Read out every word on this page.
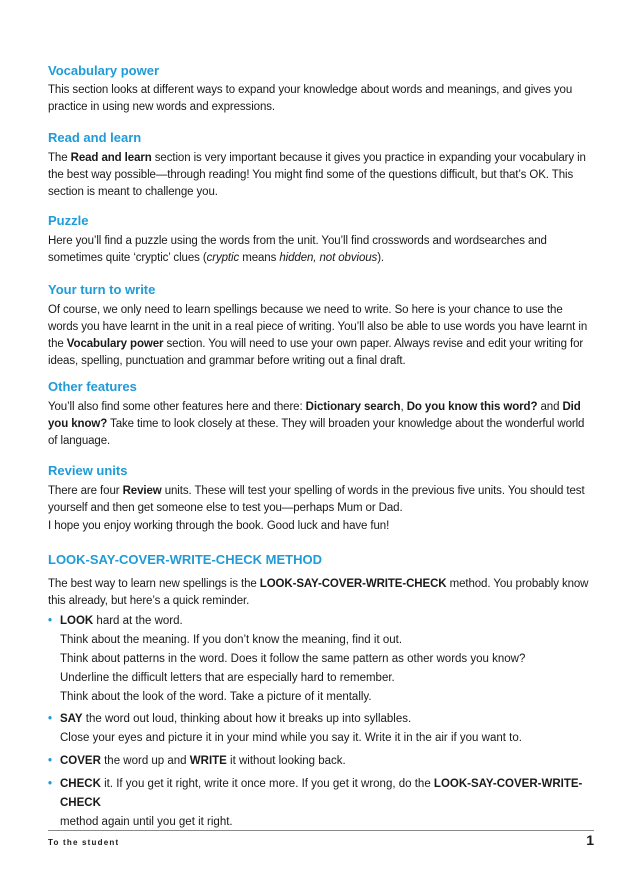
Vocabulary power

This section looks at different ways to expand your knowledge about words and meanings, and gives you practice in using new words and expressions.

Read and learn

The Read and learn section is very important because it gives you practice in expanding your vocabulary in the best way possible—through reading! You might find some of the questions difficult, but that’s OK. This section is meant to challenge you.

Puzzle

Here you’ll find a puzzle using the words from the unit. You’ll find crosswords and wordsearches and sometimes quite ‘cryptic’ clues (cryptic means hidden, not obvious).

Your turn to write

Of course, we only need to learn spellings because we need to write. So here is your chance to use the words you have learnt in the unit in a real piece of writing. You’ll also be able to use words you have learnt in the Vocabulary power section. You will need to use your own paper. Always revise and edit your writing for ideas, spelling, punctuation and grammar before writing out a final draft.

Other features

You’ll also find some other features here and there: Dictionary search, Do you know this word? and Did you know? Take time to look closely at these. They will broaden your knowledge about the wonderful world of language.

Review units

There are four Review units. These will test your spelling of words in the previous five units. You should test yourself and then get someone else to test you—perhaps Mum or Dad.

I hope you enjoy working through the book. Good luck and have fun!

LOOK-SAY-COVER-WRITE-CHECK METHOD

The best way to learn new spellings is the LOOK-SAY-COVER-WRITE-CHECK method. You probably know this already, but here’s a quick reminder.

• LOOK hard at the word.
Think about the meaning. If you don’t know the meaning, find it out.
Think about patterns in the word. Does it follow the same pattern as other words you know?
Underline the difficult letters that are especially hard to remember.
Think about the look of the word. Take a picture of it mentally.
• SAY the word out loud, thinking about how it breaks up into syllables.
Close your eyes and picture it in your mind while you say it. Write it in the air if you want to.
• COVER the word up and WRITE it without looking back.
• CHECK it. If you get it right, write it once more. If you get it wrong, do the LOOK-SAY-COVER-WRITE-CHECK
method again until you get it right.
To the student	1
